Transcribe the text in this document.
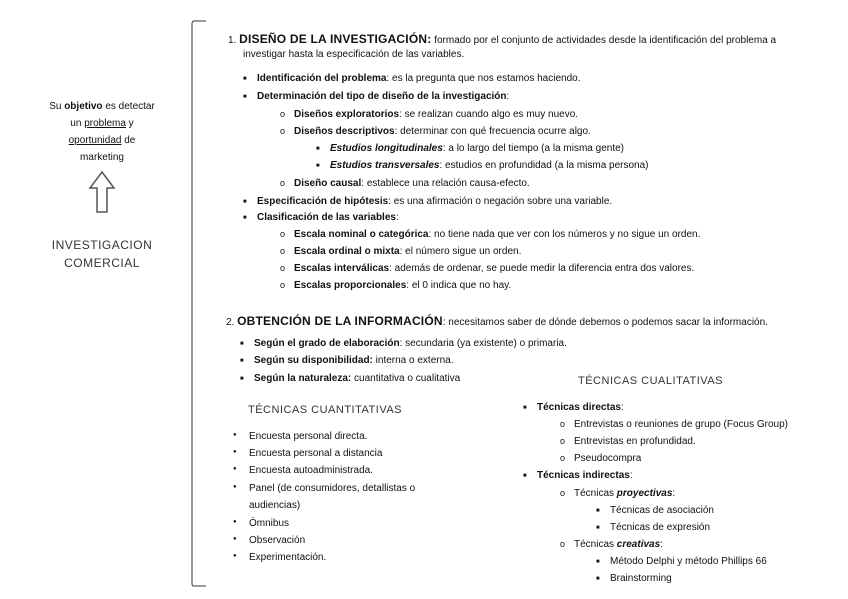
Su objetivo es detectar
un problema y
oportunidad de
marketing
INVESTIGACION
COMERCIAL
1. DISEÑO DE LA INVESTIGACIÓN: formado por el conjunto de actividades desde la identificación del problema a
investigar hasta la especificación de las variables.
■ Identificación del problema: es la pregunta que nos estamos haciendo.
■ Determinación del tipo de diseño de la investigación:
o Diseños exploratorios: se realizan cuando algo es muy nuevo.
o Diseños descriptivos: determinar con qué frecuencia ocurre algo.
■ Estudios longitudinales: a lo largo del tiempo (a la misma gente)
■ Estudios transversales: estudios en profundidad (a la misma persona)
o Diseño causal: establece una relación causa-efecto.
■ Especificación de hipótesis: es una afirmación o negación sobre una variable.
■ Clasificación de las variables:
o Escala nominal o categórica: no tiene nada que ver con los números y no sigue un orden.
o Escala ordinal o mixta: el número sigue un orden.
o Escalas interválicas: además de ordenar, se puede medir la diferencia entra dos valores.
o Escalas proporcionales: el 0 indica que no hay.
2. OBTENCIÓN DE LA INFORMACIÓN: necesitamos saber de dónde debemos o podemos sacar la información.
■ Según el grado de elaboración: secundaria (ya existente) o primaria.
■ Según su disponibilidad: interna o externa.
■ Según la naturaleza: cuantitativa o cualitativa
TÉCNICAS CUANTITATIVAS
● Encuesta personal directa.
● Encuesta personal a distancia
● Encuesta autoadministrada.
● Panel (de consumidores, detallistas o
audiencias)
● Ómnibus
● Observación
● Experimentación.
TÉCNICAS CUALITATIVAS
■ Técnicas directas:
o Entrevistas o reuniones de grupo (Focus Group)
o Entrevistas en profundidad.
o Pseudocompra
■ Técnicas indirectas:
o Técnicas proyectivas:
■ Técnicas de asociación
■ Técnicas de expresión
o Técnicas creativas:
■ Método Delphi y método Phillips 66
■ Brainstorming
